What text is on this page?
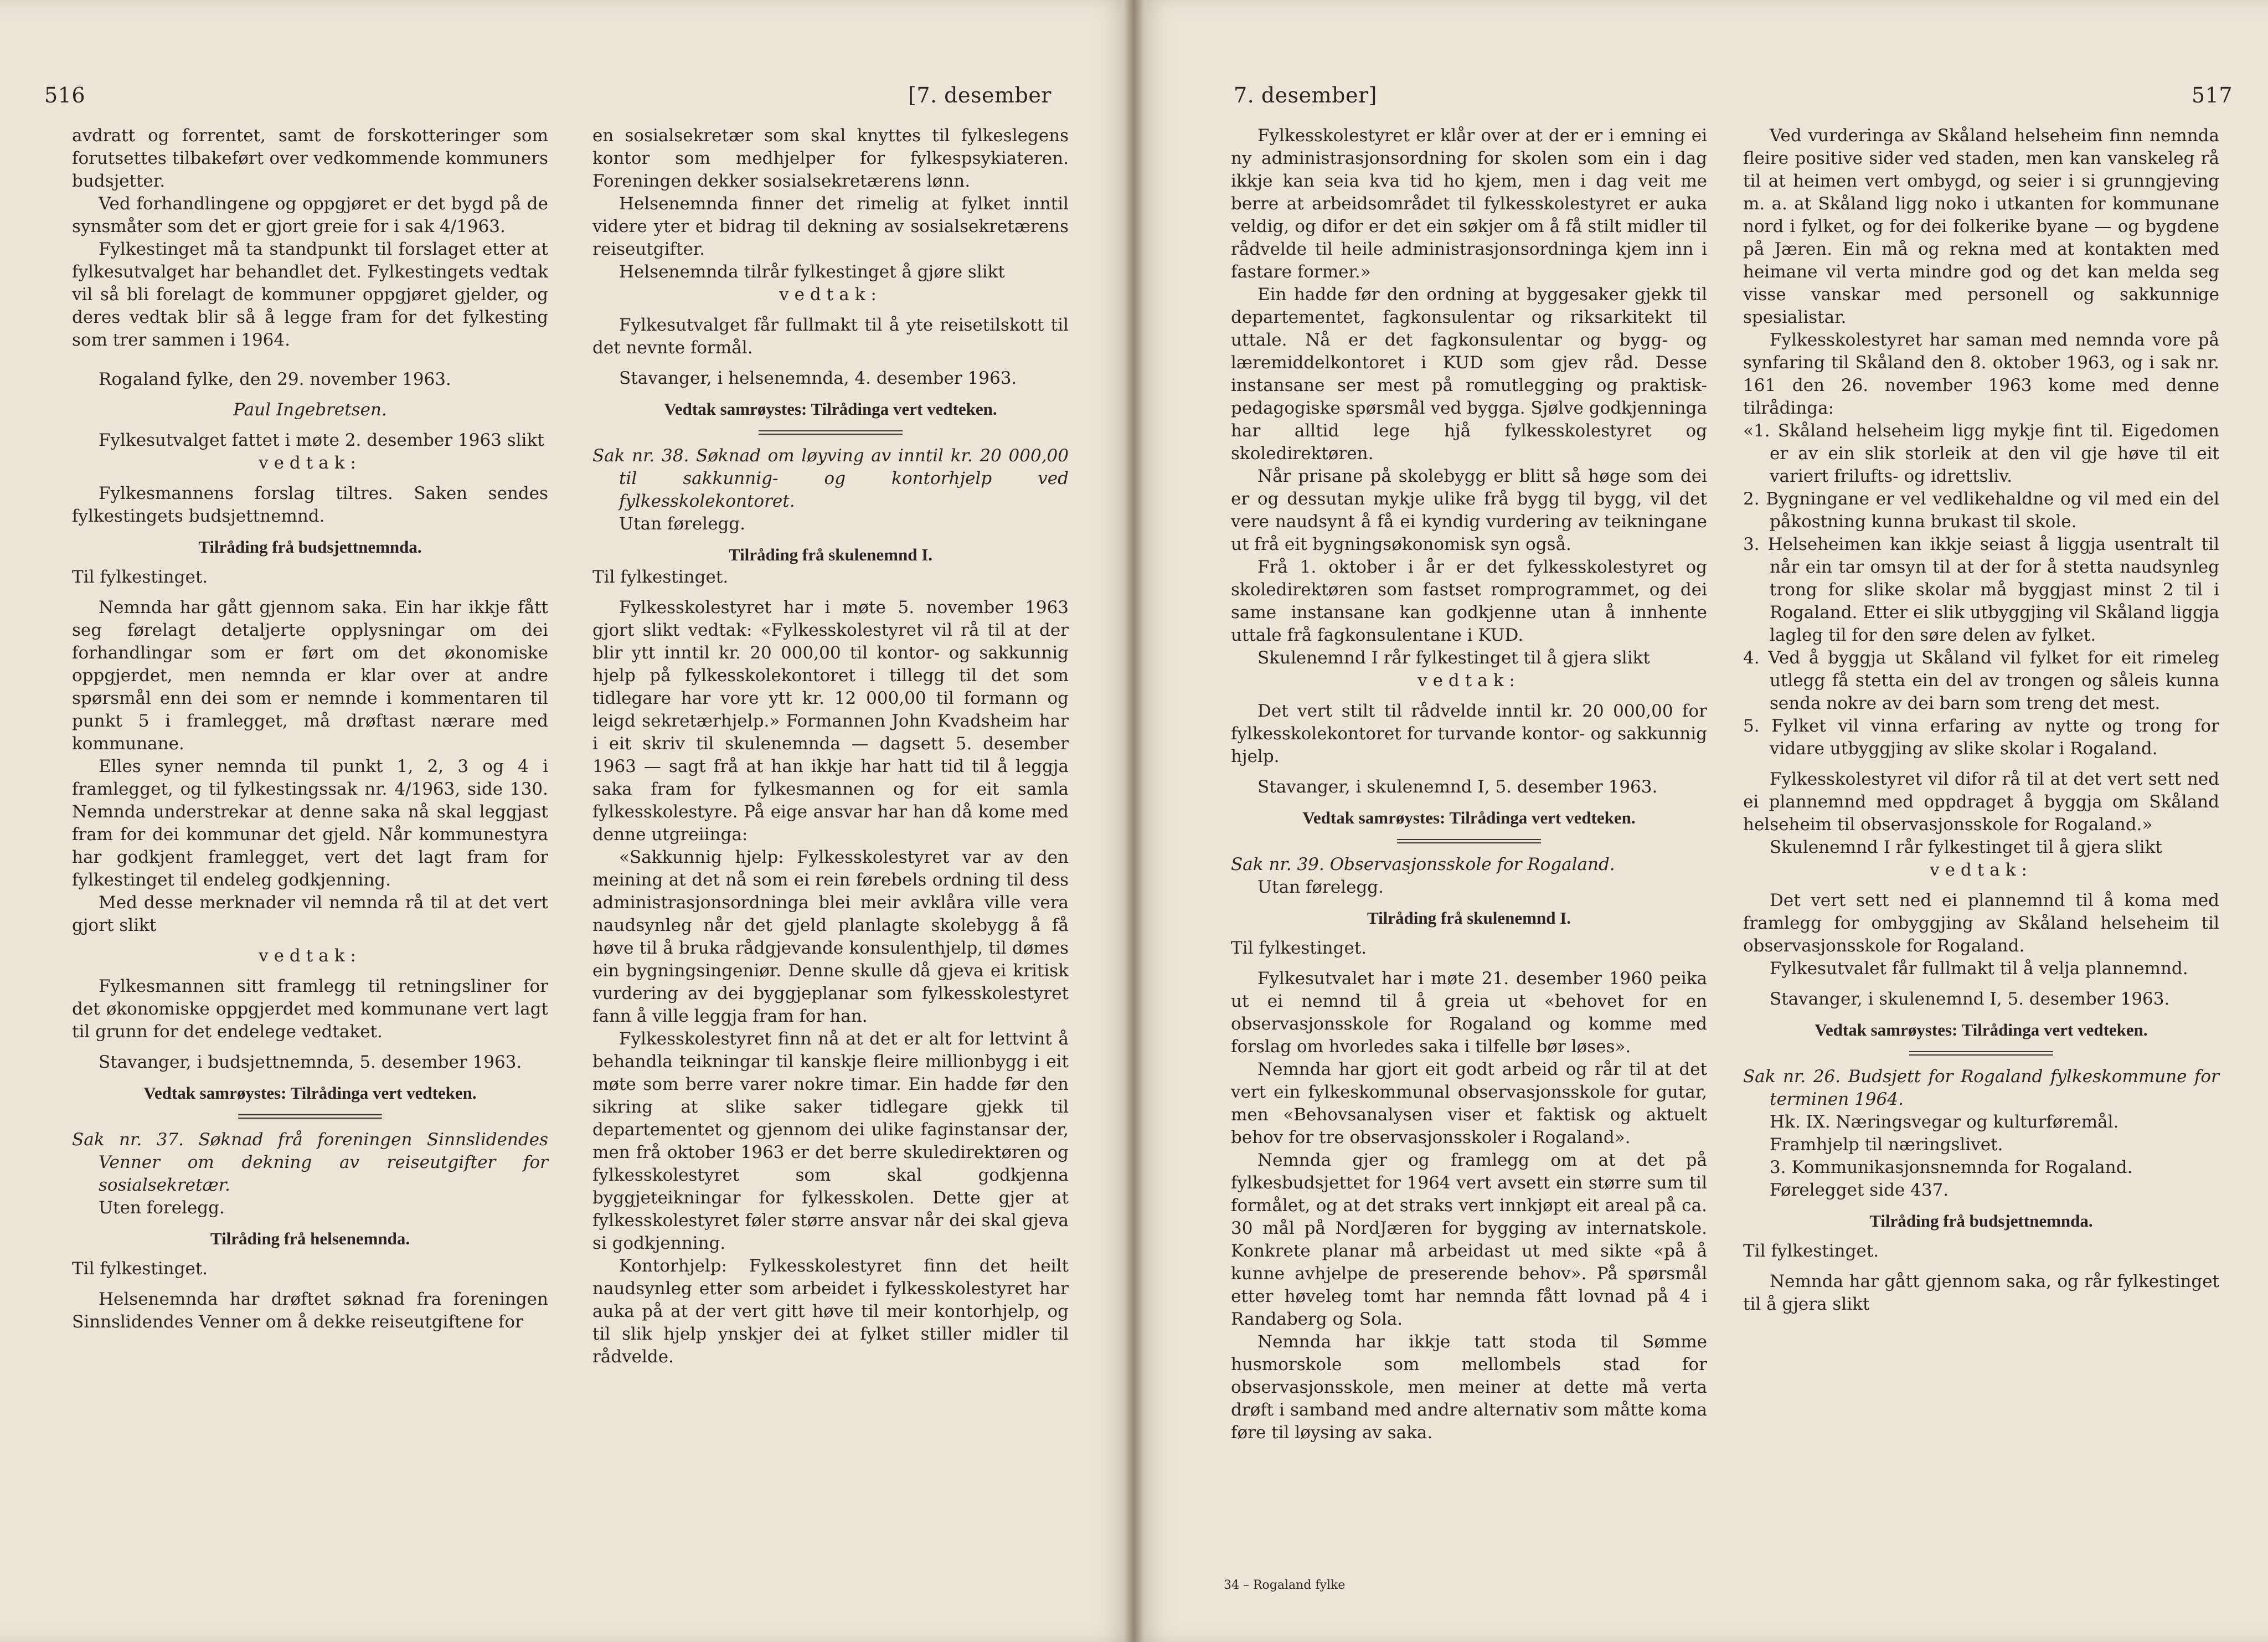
516	[7. desember

avdratt og forrentet, samt de forskotteringer som forutsettes tilbakeført over vedkommende kommuners budsjetter.

Ved forhandlingene og oppgjøret er det bygd på de synsmåter som det er gjort greie for i sak 4/1963.

Fylkestinget må ta standpunkt til forslaget etter at fylkesutvalget har behandlet det. Fylkestingets vedtak vil så bli forelagt de kommuner oppgjøret gjelder, og deres vedtak blir så å legge fram for det fylkesting som trer sammen i 1964.

Rogaland fylke, den 29. november 1963.

Paul Ingebretsen.

Fylkesutvalget fattet i møte 2. desember 1963 slikt

vedtak:

Fylkesmannens forslag tiltres. Saken sendes fylkestingets budsjettnemnd.

Tilråding frå budsjettnemnda.

Til fylkestinget.

Nemnda har gått gjennom saka. Ein har ikkje fått seg førelagt detaljerte opplysningar om dei forhandlingar som er ført om det økonomiske oppgjerdet, men nemnda er klar over at andre spørsmål enn dei som er nemnde i kommentaren til punkt 5 i framlegget, må drøftast nærare med kommunane.

Elles syner nemnda til punkt 1, 2, 3 og 4 i framlegget, og til fylkestingssak nr. 4/1963, side 130. Nemnda understrekar at denne saka nå skal leggjast fram for dei kommunar det gjeld. Når kommunestyra har godkjent framlegget, vert det lagt fram for fylkestinget til endeleg godkjenning.

Med desse merknader vil nemnda rå til at det vert gjort slikt

vedtak:

Fylkesmannen sitt framlegg til retningsliner for det økonomiske oppgjerdet med kommunane vert lagt til grunn for det endelege vedtaket.

Stavanger, i budsjettnemnda, 5. desember 1963.

Vedtak samrøystes: Tilrådinga vert vedteken.

Sak nr. 37. Søknad frå foreningen Sinnslidendes Venner om dekning av reiseutgifter for sosialsekretær.

Uten forelegg.

Tilråding frå helsenemnda.

Til fylkestinget.

Helsenemnda har drøftet søknad fra foreningen Sinnslidendes Venner om å dekke reiseutgiftene for

en sosialsekretær som skal knyttes til fylkeslegens kontor som medhjelper for fylkespsykiateren. Foreningen dekker sosialsekretærens lønn.

Helsenemnda finner det rimelig at fylket inntil videre yter et bidrag til dekning av sosialsekretærens reiseutgifter.

Helsenemnda tilrår fylkestinget å gjøre slikt

vedtak:

Fylkesutvalget får fullmakt til å yte reisetilskott til det nevnte formål.

Stavanger, i helsenemnda, 4. desember 1963.

Vedtak samrøystes: Tilrådinga vert vedteken.

Sak nr. 38. Søknad om løyving av inntil kr. 20 000,00 til sakkunnig- og kontorhjelp ved fylkesskolekontoret.

Utan førelegg.

Tilråding frå skulenemnd I.

Til fylkestinget.

Fylkesskolestyret har i møte 5. november 1963 gjort slikt vedtak: «Fylkesskolestyret vil rå til at der blir ytt inntil kr. 20 000,00 til kontor- og sakkunnig hjelp på fylkesskolekontoret i tillegg til det som tidlegare har vore ytt kr. 12 000,00 til formann og leigd sekretærhjelp.» Formannen John Kvadsheim har i eit skriv til skulenemnda — dagsett 5. desember 1963 — sagt frå at han ikkje har hatt tid til å leggja saka fram for fylkesmannen og for eit samla fylkesskolestyre. På eige ansvar har han då kome med denne utgreiinga:

«Sakkunnig hjelp: Fylkesskolestyret var av den meining at det nå som ei rein førebels ordning til dess administrasjonsordninga blei meir avklåra ville vera naudsynleg når det gjeld planlagte skolebygg å få høve til å bruka rådgjevande konsulenthjelp, til dømes ein bygningsingeniør. Denne skulle då gjeva ei kritisk vurdering av dei byggjeplanar som fylkesskolestyret fann å ville leggja fram for han.

Fylkesskolestyret finn nå at det er alt for lettvint å behandla teikningar til kanskje fleire millionbygg i eit møte som berre varer nokre timar. Ein hadde før den sikring at slike saker tidlegare gjekk til departementet og gjennom dei ulike faginstansar der, men frå oktober 1963 er det berre skuledirektøren og fylkesskolestyret som skal godkjenna byggjeteikningar for fylkesskolen. Dette gjer at fylkesskolestyret føler større ansvar når dei skal gjeva si godkjenning.

Kontorhjelp: Fylkesskolestyret finn det heilt naudsynleg etter som arbeidet i fylkesskolestyret har auka på at der vert gitt høve til meir kontorhjelp, og til slik hjelp ynskjer dei at fylket stiller midler til rådvelde.

7. desember]	517

Fylkesskolestyret er klår over at der er i emning ei ny administrasjonsordning for skolen som ein i dag ikkje kan seia kva tid ho kjem, men i dag veit me berre at arbeidsområdet til fylkesskolestyret er auka veldig, og difor er det ein søkjer om å få stilt midler til rådvelde til heile administrasjonsordninga kjem inn i fastare former.»

Ein hadde før den ordning at byggesaker gjekk til departementet, fagkonsulentar og riksarkitekt til uttale. Nå er det fagkonsulentar og bygg- og læremiddelkontoret i KUD som gjev råd. Desse instansane ser mest på romutlegging og praktisk-pedagogiske spørsmål ved bygga. Sjølve godkjenninga har alltid lege hjå fylkesskolestyret og skoledirektøren.

Når prisane på skolebygg er blitt så høge som dei er og dessutan mykje ulike frå bygg til bygg, vil det vere naudsynt å få ei kyndig vurdering av teikningane ut frå eit bygningsøkonomisk syn også.

Frå 1. oktober i år er det fylkesskolestyret og skoledirektøren som fastset romprogrammet, og dei same instansane kan godkjenne utan å innhente uttale frå fagkonsulentane i KUD.

Skulenemnd I rår fylkestinget til å gjera slikt

vedtak:

Det vert stilt til rådvelde inntil kr. 20 000,00 for fylkesskolekontoret for turvande kontor- og sakkunnig hjelp.

Stavanger, i skulenemnd I, 5. desember 1963.

Vedtak samrøystes: Tilrådinga vert vedteken.

Sak nr. 39. Observasjonsskole for Rogaland.

Utan førelegg.

Tilråding frå skulenemnd I.

Til fylkestinget.

Fylkesutvalet har i møte 21. desember 1960 peika ut ei nemnd til å greia ut «behovet for en observasjonsskole for Rogaland og komme med forslag om hvorledes saka i tilfelle bør løses».

Nemnda har gjort eit godt arbeid og rår til at det vert ein fylkeskommunal observasjonsskole for gutar, men «Behovsanalysen viser et faktisk og aktuelt behov for tre observasjonsskoler i Rogaland».

Nemnda gjer og framlegg om at det på fylkesbudsjettet for 1964 vert avsett ein større sum til formålet, og at det straks vert innkjøpt eit areal på ca. 30 mål på NordJæren for bygging av internatskole. Konkrete planar må arbeidast ut med sikte «på å kunne avhjelpe de preserende behov». På spørsmål etter høveleg tomt har nemnda fått lovnad på 4 i Randaberg og Sola.

Nemnda har ikkje tatt stoda til Sømme husmorskole som mellombels stad for observasjonsskole, men meiner at dette må verta drøft i samband med andre alternativ som måtte koma føre til løysing av saka.

Ved vurderinga av Skåland helseheim finn nemnda fleire positive sider ved staden, men kan vanskeleg rå til at heimen vert ombygd, og seier i si grunngjeving m. a. at Skåland ligg noko i utkanten for kommunane nord i fylket, og for dei folkerike byane — og bygdene på Jæren. Ein må og rekna med at kontakten med heimane vil verta mindre god og det kan melda seg visse vanskar med personell og sakkunnige spesialistar.

Fylkesskolestyret har saman med nemnda vore på synfaring til Skåland den 8. oktober 1963, og i sak nr. 161 den 26. november 1963 kome med denne tilrådinga:

«1. Skåland helseheim ligg mykje fint til. Eigedomen er av ein slik storleik at den vil gje høve til eit variert frilufts- og idrettsliv.

2. Bygningane er vel vedlikehaldne og vil med ein del påkostning kunna brukast til skole.

3. Helseheimen kan ikkje seiast å liggja usentralt til når ein tar omsyn til at der for å stetta naudsynleg trong for slike skolar må byggjast minst 2 til i Rogaland. Etter ei slik utbyggjing vil Skåland liggja lagleg til for den søre delen av fylket.

4. Ved å byggja ut Skåland vil fylket for eit rimeleg utlegg få stetta ein del av trongen og såleis kunna senda nokre av dei barn som treng det mest.

5. Fylket vil vinna erfaring av nytte og trong for vidare utbyggjing av slike skolar i Rogaland.

Fylkesskolestyret vil difor rå til at det vert sett ned ei plannemnd med oppdraget å byggja om Skåland helseheim til observasjonsskole for Rogaland.»

Skulenemnd I rår fylkestinget til å gjera slikt

vedtak:

Det vert sett ned ei plannemnd til å koma med framlegg for ombyggjing av Skåland helseheim til observasjonsskole for Rogaland.

Fylkesutvalet får fullmakt til å velja plannemnd.

Stavanger, i skulenemnd I, 5. desember 1963.

Vedtak samrøystes: Tilrådinga vert vedteken.

Sak nr. 26. Budsjett for Rogaland fylkeskommune for terminen 1964.

Hk. IX. Næringsvegar og kulturføremål.

Framhjelp til næringslivet.

3. Kommunikasjonsnemnda for Rogaland.

Førelegget side 437.

Tilråding frå budsjettnemnda.

Til fylkestinget.

Nemnda har gått gjennom saka, og rår fylkestinget til å gjera slikt

34 – Rogaland fylke
